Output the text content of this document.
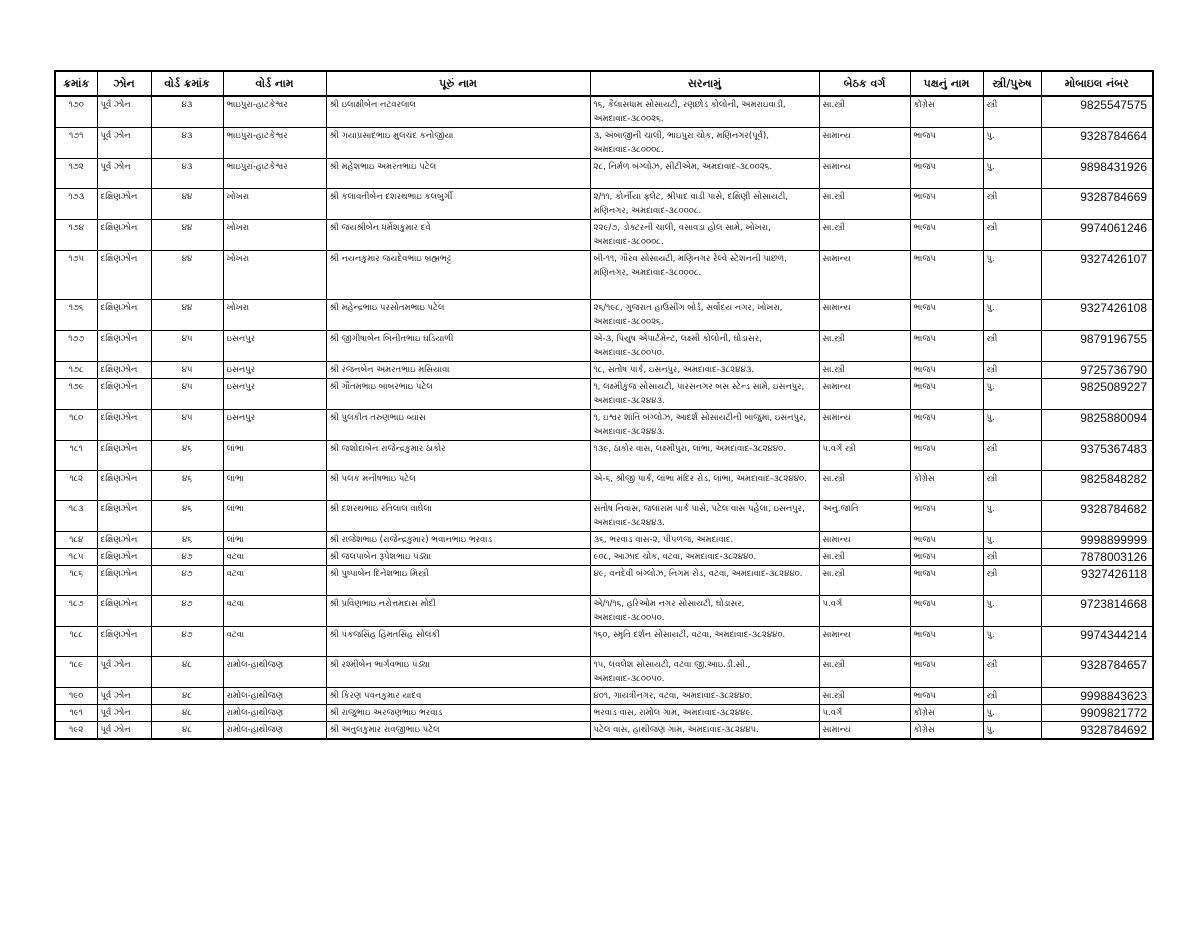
ક્રમાંક	ઝોન	વોર્ડ ક્રમાંક	વોર્ડ નામ	પૂરું નામ	સરનામું	બેઠક વર્ગ	પક્ષનું નામ	સ્ત્રી/પુરુષ	મોબાઇલ નંબર
૧૭૦	પૂર્વ ઝોન	૪૩	ભાઇપુરા-હાટકેશ્વર	શ્રી ઇલાક્ષીબેન નટવરલાલ	૧૬, કૈલાસધામ સોસાયટી, રણછોડ કોલોની, અમરાઇવાડી, અમદાવાદ-૩૮૦૦૨૬.	સા.સ્ત્રી	કોંગ્રેસ	સ્ત્રી	9825547575
૧૭૧	પૂર્વ ઝોન	૪૩	ભાઇપુરા-હાટકેશ્વર	શ્રી ગયાપ્રસાદભાઇ મુલચંદ કનોજીયા	૩, અંબાજીની ચાલી, ભાઇપુરા ચોક, મણિનગર(પૂર્વ), અમદાવાદ-૩૮૦૦૦૮.	સામાન્ય	ભાજપ	પુ.	9328784664
૧૭૨	પૂર્વ ઝોન	૪૩	ભાઇપુરા-હાટકેશ્વર	શ્રી મહેશભાઇ અમરતભાઇ પટેલ	૨૮, નિર્મળ બંગ્લોઝ, સીટીએમ, અમદાવાદ-૩૮૦૦૨૬.	સામાન્ય	ભાજપ	પુ.	9898431926
૧૭૩	દક્ષિણઝોન	૪૪	ખોખરા	શ્રી કલાવતીબેન દશરથભાઇ કલબુર્ગી	૨/૧૧, કોર્નીયા ફ્લેટ, શ્રીપાદ વાડી પાસે, દક્ષિણી સોસાયટી, મણિનગર, અમદાવાદ-૩૮૦૦૦૮.	સા.સ્ત્રી	ભાજપ	સ્ત્રી	9328784669
૧૭૪	દક્ષિણઝોન	૪૪	ખોખરા	શ્રી જયશ્રીબેન ધર્મેશકુમાર દવે	૨૨૯/૭, ડોક્ટરની ચાલી, વસાવડા હોલ સામે, ખોખરા, અમદાવાદ-૩૮૦૦૦૮.	સા.સ્ત્રી	ભાજપ	સ્ત્રી	9974061246
૧૭૫	દક્ષિણઝોન	૪૪	ખોખરા	શ્રી નયનકુમાર જયદેવભાઇ બ્રહ્મભટ્ટ	બી-૧૧, ગૌરવ સોસાયટી, મણિનગર રેલ્વે સ્ટેશનની પાછળ, મણિનગર, અમદાવાદ-૩૮૦૦૦૮.	સામાન્ય	ભાજપ	પુ.	9327426107
૧૭૬	દક્ષિણઝોન	૪૪	ખોખરા	શ્રી મહેન્દ્રભાઇ પરસોતમભાઇ પટેલ	૨૬/૧૯૮, ગુજરાત હાઉસીંગ બોર્ડ, સર્વોદય નગર, ખોખરા, અમદાવાદ-૩૮૦૦૨૬.	સામાન્ય	ભાજપ	પુ.	9327426108
૧૭૭	દક્ષિણઝોન	૪૫	ઇસનપુર	શ્રી જીગીષાબેન બિનીતભાઇ ઘડિયાળી	એ-૩, પિયુષ એપાર્ટમેન્ટ, લક્ષ્મી કોલોની, ઘોડાસર, અમદાવાદ-૩૮૦૦૫૦.	સા.સ્ત્રી	ભાજપ	સ્ત્રી	9879196755
૧૭૮	દક્ષિણઝોન	૪૫	ઇસનપુર	શ્રી રંજનબેન અમરતભાઇ મસિયાવા	૧૮, સંતોષ પાર્ક, ઇસનપુર, અમદાવાદ-૩૮૨૪૪૩.	સા.સ્ત્રી	ભાજપ	સ્ત્રી	9725736790
૧૭૯	દક્ષિણઝોન	૪૫	ઇસનપુર	શ્રી ગૌતમભાઇ બાબરભાઇ પટેલ	૧, લક્ષ્મીકુંજ સોસાયટી, પારસનગર બસ સ્ટેન્ડ સામે, ઇસનપુર, અમદાવાદ-૩૮૨૪૪૩.	સામાન્ય	ભાજપ	પુ.	9825089227
૧૮૦	દક્ષિણઝોન	૪૫	ઇસનપુર	શ્રી પુલકીત તરુણભાઇ વ્યાસ	૧, ઇશ્વર શાંતિ બંગ્લોઝ, આદર્શ સોસાયટીની બાજુમાં, ઇસનપુર, અમદાવાદ-૩૮૨૪૪૩.	સામાન્ય	ભાજપ	પુ.	9825880094
૧૮૧	દક્ષિણઝોન	૪૬	લાંભા	શ્રી જશોદાબેન રાજેન્દ્રકુમાર ઠાકોર	૧૩૯, ઠાકોર વાસ, લક્ષ્મીપુરા, લાંભા, અમદાવાદ-૩૮૨૪૪૦.	પ.વર્ગ સ્ત્રી	ભાજપ	સ્ત્રી	9375367483
૧૮૨	દક્ષિણઝોન	૪૬	લાંભા	શ્રી પલક મનીષભાઇ પટેલ	એ-૬, શ્રીજી પાર્ક, લાંભા મંદિર રોડ, લાંભા, અમદાવાદ-૩૮૨૪૪૦.	સા.સ્ત્રી	કોંગ્રેસ	સ્ત્રી	9825848282
૧૮૩	દક્ષિણઝોન	૪૬	લાંભા	શ્રી દશરથભાઇ રતિલાલ વાઘેલા	સંતોષ નિવાસ, જલારામ પાર્ક પાસે, પટેલ વાસ પહેલા, ઇસનપુર, અમદાવાદ-૩૮૨૪૪૩.	અનુ.જાતિ	ભાજપ	પુ.	9328784682
૧૮૪	દક્ષિણઝોન	૪૬	લાંભા	શ્રી રાજેશભાઇ (રાજેન્દ્રકુમાર) ભવાનભાઇ ભરવાડ	૩૬, ભરવાડ વાસ-૨, પીપળજ, અમદાવાદ.	સામાન્ય	ભાજપ	પુ.	9998899999
૧૮૫	દક્ષિણઝોન	૪૭	વટવા	શ્રી જલપાબેન રૂપેશભાઇ પંડ્યા	૯૦૮, આઝાદ ચોક, વટવા, અમદાવાદ-૩૮૨૪૪૦.	સા.સ્ત્રી	ભાજપ	સ્ત્રી	7878003126
૧૮૬	દક્ષિણઝોન	૪૭	વટવા	શ્રી પુષ્પાબેન દિનેશભાઇ મિસ્ત્રી	૪૯, વનદેવી બંગ્લોઝ, નિગમ રોડ, વટવા, અમદાવાદ-૩૮૨૪૪૦.	સા.સ્ત્રી	ભાજપ	સ્ત્રી	9327426118
૧૮૭	દક્ષિણઝોન	૪૭	વટવા	શ્રી પ્રવિણભાઇ નરોત્તમદાસ મોદી	એ/૧/૧૬, હરિઓમ નગર સોસાયટી, ઘોડાસર, અમદાવાદ-૩૮૦૦૫૦.	પ.વર્ગ	ભાજપ	પુ.	9723814668
૧૮૮	દક્ષિણઝોન	૪૭	વટવા	શ્રી પંકજસિંહ હિંમતસિંહ સોલંકી	૧૬૦, સ્મૃતિ દર્શન સોસાયટી, વટવા, અમદાવાદ-૩૮૨૪૪૦.	સામાન્ય	ભાજપ	પુ.	9974344214
૧૮૯	પૂર્વ ઝોન	૪૮	રામોલ-હાથીજણ	શ્રી રશ્મીબેન ભાર્ગવભાઇ પંડ્યા	૧૫, લવલેશ સોસાયટી, વટવા જી.આઇ.ડી.સી., અમદાવાદ-૩૮૦૦૫૦.	સા.સ્ત્રી	ભાજપ	સ્ત્રી	9328784657
૧૯૦	પૂર્વ ઝોન	૪૮	રામોલ-હાથીજણ	શ્રી કિરણ પવનકુમાર યાદવ	૪૦૧, ગાયત્રીનગર, વટવા, અમદાવાદ-૩૮૨૪૪૦.	સા.સ્ત્રી	ભાજપ	સ્ત્રી	9998843623
૧૯૧	પૂર્વ ઝોન	૪૮	રામોલ-હાથીજણ	શ્રી રાજુભાઇ અરજણભાઇ ભરવાડ	ભરવાડ વાસ, રામોલ ગામ, અમદાવાદ-૩૮૨૪૪૯.	પ.વર્ગ	કોંગ્રેસ	પુ.	9909821772
૧૯૨	પૂર્વ ઝોન	૪૮	રામોલ-હાથીજણ	શ્રી અતુલકુમાર રાવજીભાઇ પટેલ	પટેલ વાસ, હાથીજણ ગામ, અમદાવાદ-૩૮૨૪૪૫.	સામાન્ય	કોંગ્રેસ	પુ.	9328784692
